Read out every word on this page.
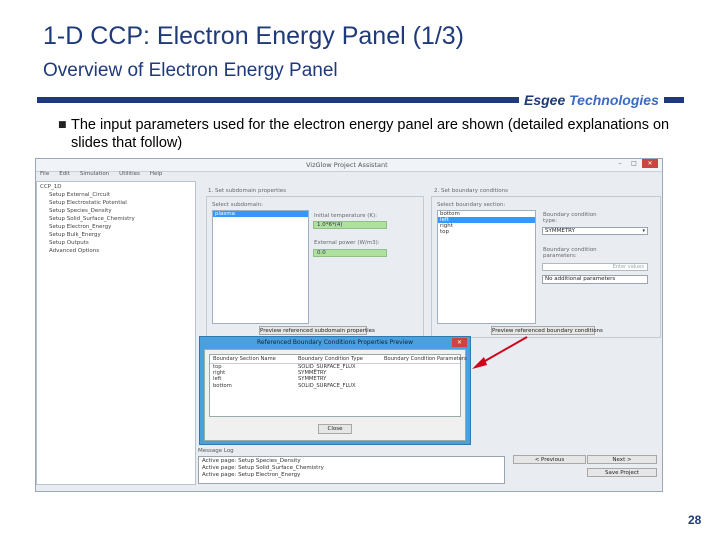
1-D CCP: Electron Energy Panel (1/3)
Overview of Electron Energy Panel
Esgee Technologies
■ The input parameters used for the electron energy panel are shown (detailed explanations on slides that follow)
VizGlow Project Assistant	–	□	✕
File Edit Simulation Utilities Help
CCP_1D
Setup External_Circuit
Setup Electrostatic Potential
Setup Species_Density
Setup Solid_Surface_Chemistry
Setup Electron_Energy
Setup Bulk_Energy
Setup Outputs
Advanced Options
1. Set subdomain properties
Select subdomain:
plasma	Initial temperature (K):
1.0*6*(4)
External power (W/m3):
0.0
Preview referenced subdomain properties
2. Set boundary conditions
Select boundary section:
bottom
left
right
top
Boundary condition type:
SYMMETRY	▾
Boundary condition parameters:
Enter values
No additional parameters
Preview referenced boundary conditions
Message Log
Active page: Setup Species_Density
Active page: Setup Solid_Surface_Chemistry
Active page: Setup Electron_Energy
< Previous	Next >
Save Project
Referenced Boundary Conditions Properties Preview	✕
Boundary Section Name	Boundary Condition Type	Boundary Condition Parameters
top	SOLID_SURFACE_FLUX
right	SYMMETRY
left	SYMMETRY
bottom	SOLID_SURFACE_FLUX
Close
28
